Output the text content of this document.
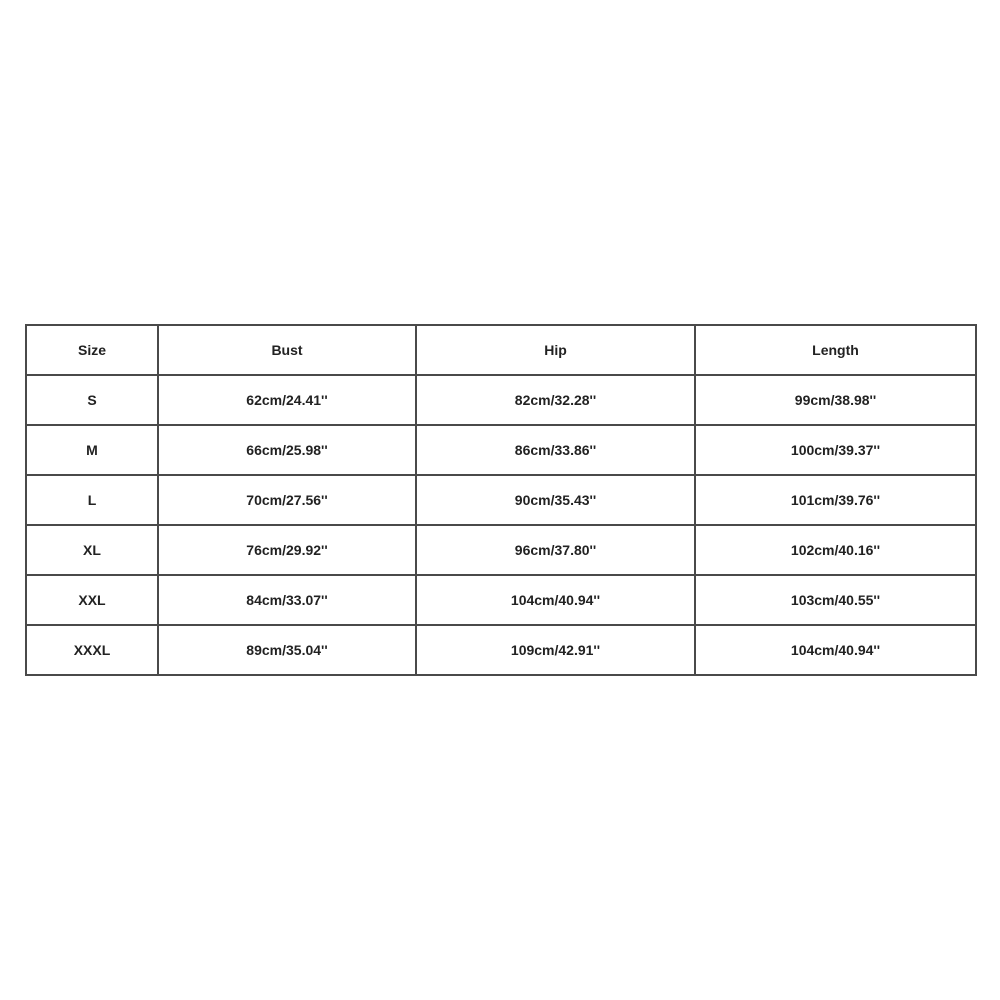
Size	Bust	Hip	Length
S	62cm/24.41''	82cm/32.28''	99cm/38.98''
M	66cm/25.98''	86cm/33.86''	100cm/39.37''
L	70cm/27.56''	90cm/35.43''	101cm/39.76''
XL	76cm/29.92''	96cm/37.80''	102cm/40.16''
XXL	84cm/33.07''	104cm/40.94''	103cm/40.55''
XXXL	89cm/35.04''	109cm/42.91''	104cm/40.94''
